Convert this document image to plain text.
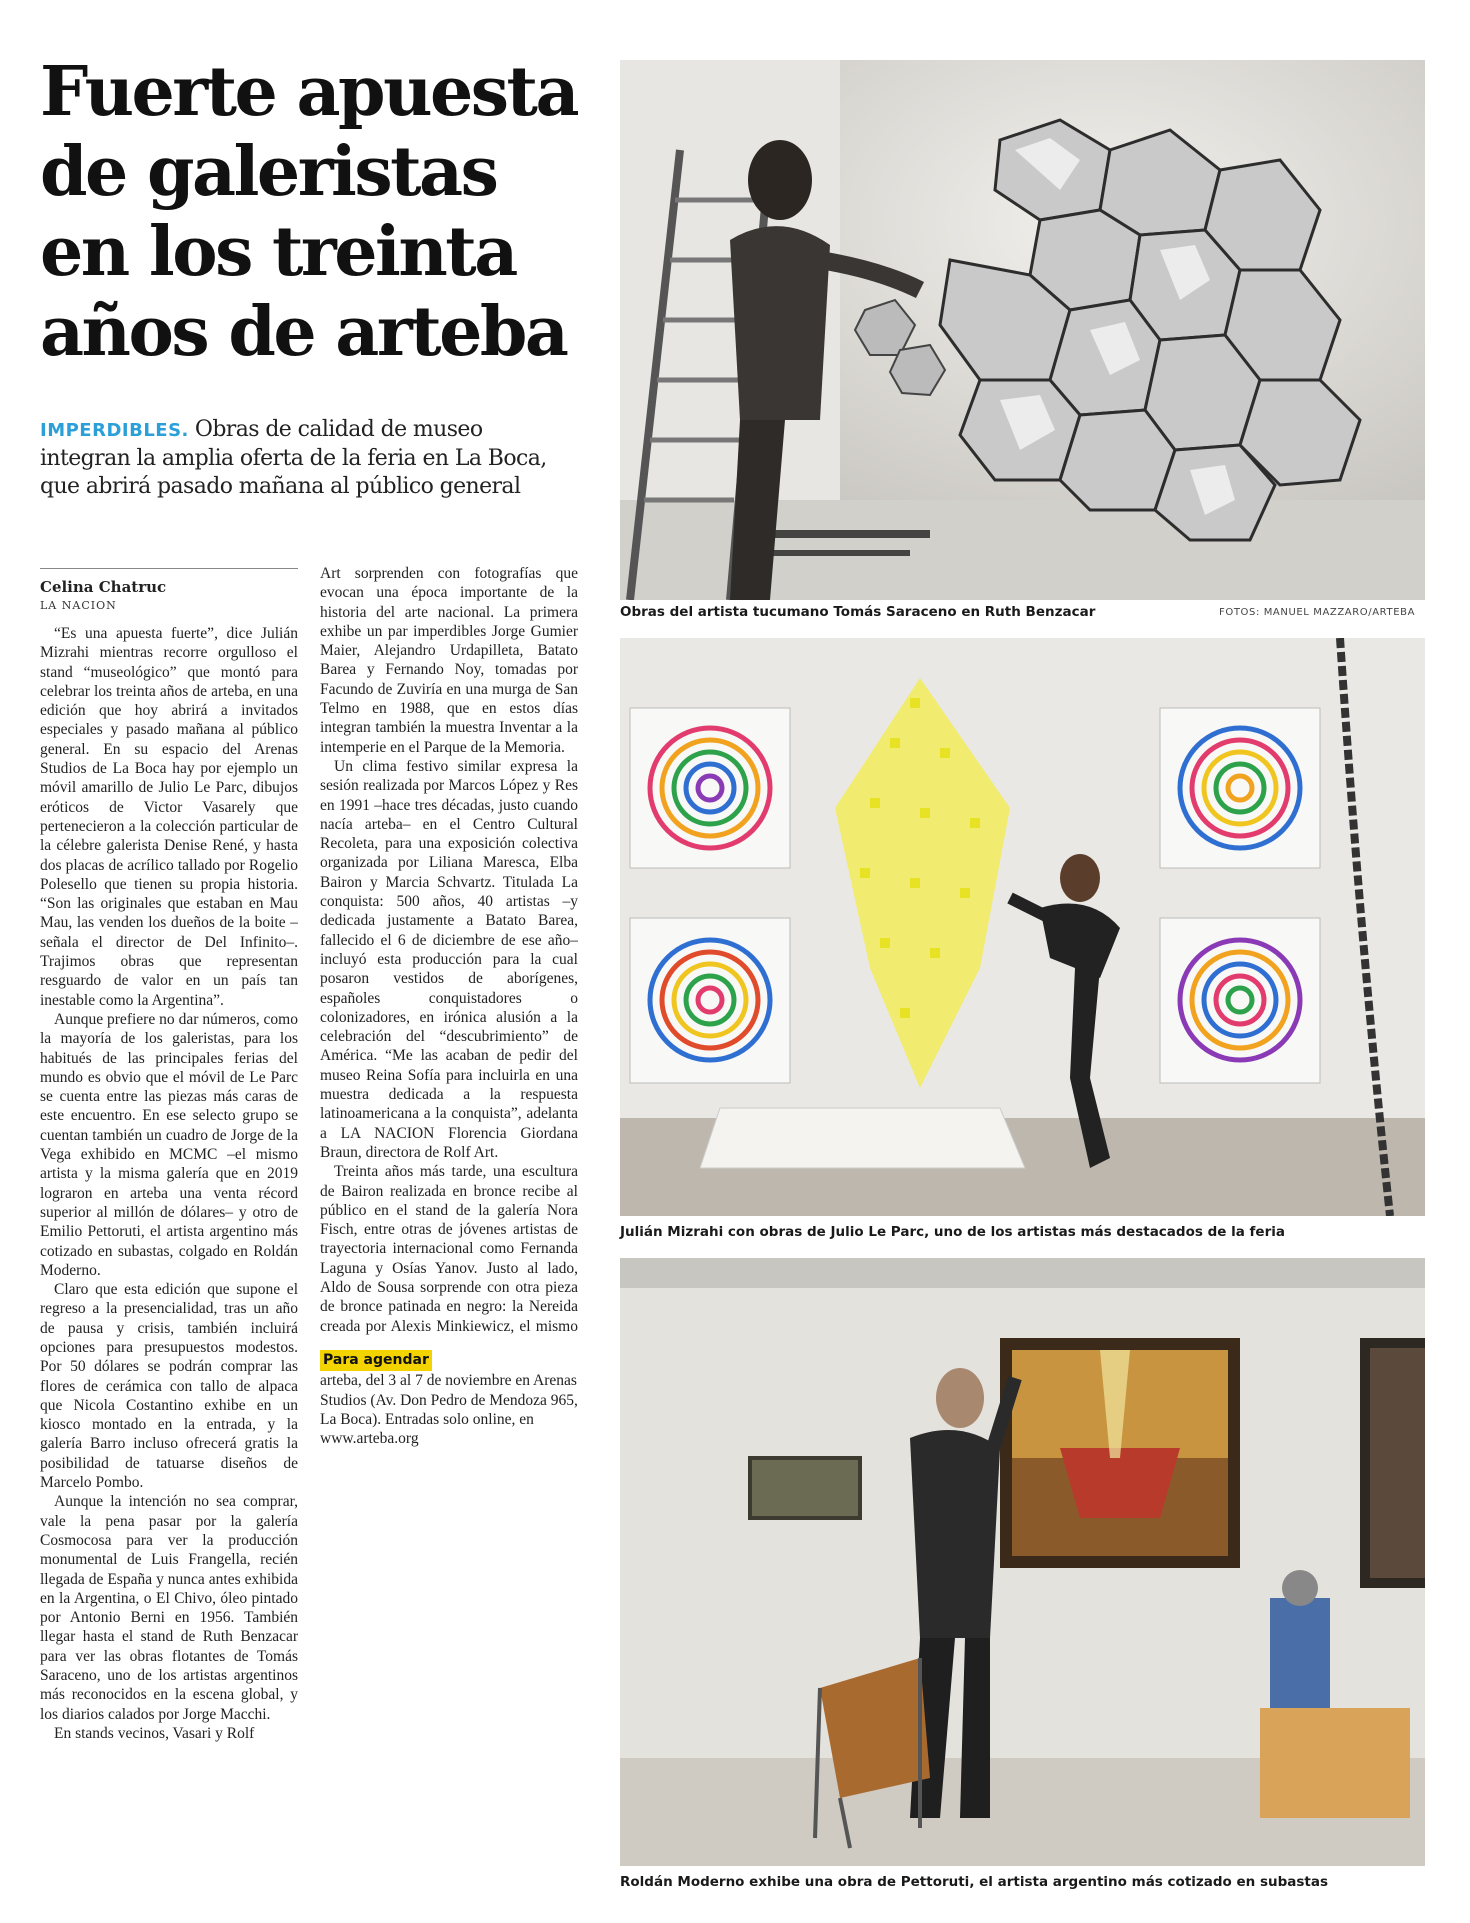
Fuerte apuesta
de galeristas
en los treinta
años de arteba
IMPERDIBLES. Obras de calidad de museo
integran la amplia oferta de la feria en La Boca,
que abrirá pasado mañana al público general
Celina Chatruc
LA NACION

“Es una apuesta fuerte”, dice Julián Mizrahi mientras recorre orgulloso el stand “museológico” que montó para celebrar los treinta años de arteba, en una edición que hoy abrirá a invitados especiales y pasado mañana al público general. En su espacio del Arenas Studios de La Boca hay por ejemplo un móvil amarillo de Julio Le Parc, dibujos eróticos de Victor Vasarely que pertenecieron a la colección particular de la célebre galerista Denise René, y hasta dos placas de acrílico tallado por Rogelio Polesello que tienen su propia historia. “Son las originales que estaban en Mau Mau, las venden los dueños de la boite –señala el director de Del Infinito–. Trajimos obras que representan resguardo de valor en un país tan inestable como la Argentina”.

Aunque prefiere no dar números, como la mayoría de los galeristas, para los habitués de las principales ferias del mundo es obvio que el móvil de Le Parc se cuenta entre las piezas más caras de este encuentro. En ese selecto grupo se cuentan también un cuadro de Jorge de la Vega exhibido en MCMC –el mismo artista y la misma galería que en 2019 lograron en arteba una venta récord superior al millón de dólares– y otro de Emilio Pettoruti, el artista argentino más cotizado en subastas, colgado en Roldán Moderno.

Claro que esta edición que supone el regreso a la presencialidad, tras un año de pausa y crisis, también incluirá opciones para presupuestos modestos. Por 50 dólares se podrán comprar las flores de cerámica con tallo de alpaca que Nicola Costantino exhibe en un kiosco montado en la entrada, y la galería Barro incluso ofrecerá gratis la posibilidad de tatuarse diseños de Marcelo Pombo.

Aunque la intención no sea comprar, vale la pena pasar por la galería Cosmocosa para ver la producción monumental de Luis Frangella, recién llegada de España y nunca antes exhibida en la Argentina, o El Chivo, óleo pintado por Antonio Berni en 1956. También llegar hasta el stand de Ruth Benzacar para ver las obras flotantes de Tomás Saraceno, uno de los artistas argentinos más reconocidos en la escena global, y los diarios calados por Jorge Macchi.

En stands vecinos, Vasari y Rolf

Art sorprenden con fotografías que evocan una época importante de la historia del arte nacional. La primera exhibe un par imperdibles Jorge Gumier Maier, Alejandro Urdapilleta, Batato Barea y Fernando Noy, tomadas por Facundo de Zuviría en una murga de San Telmo en 1988, que en estos días integran también la muestra Inventar a la intemperie en el Parque de la Memoria.

Un clima festivo similar expresa la sesión realizada por Marcos López y Res en 1991 –hace tres décadas, justo cuando nacía arteba– en el Centro Cultural Recoleta, para una exposición colectiva organizada por Liliana Maresca, Elba Bairon y Marcia Schvartz. Titulada La conquista: 500 años, 40 artistas –y dedicada justamente a Batato Barea, fallecido el 6 de diciembre de ese año– incluyó esta producción para la cual posaron vestidos de aborígenes, españoles conquistadores o colonizadores, en irónica alusión a la celebración del “descubrimiento” de América. “Me las acaban de pedir del museo Reina Sofía para incluirla en una muestra dedicada a la respuesta latinoamericana a la conquista”, adelanta a LA NACION Florencia Giordana Braun, directora de Rolf Art.

Treinta años más tarde, una escultura de Bairon realizada en bronce recibe al público en el stand de la galería Nora Fisch, entre otras de jóvenes artistas de trayectoria internacional como Fernanda Laguna y Osías Yanov. Justo al lado, Aldo de Sousa sorprende con otra pieza de bronce patinada en negro: la Nereida creada por Alexis Minkiewicz, el mismo

Para agendar
arteba, del 3 al 7 de noviembre en Arenas Studios (Av. Don Pedro de Mendoza 965, La Boca). Entradas solo online, en www.arteba.org
Obras del artista tucumano Tomás Saraceno en Ruth Benzacar	FOTOS: MANUEL MAZZARO/ARTEBA
Julián Mizrahi con obras de Julio Le Parc, uno de los artistas más destacados de la feria
Roldán Moderno exhibe una obra de Pettoruti, el artista argentino más cotizado en subastas
